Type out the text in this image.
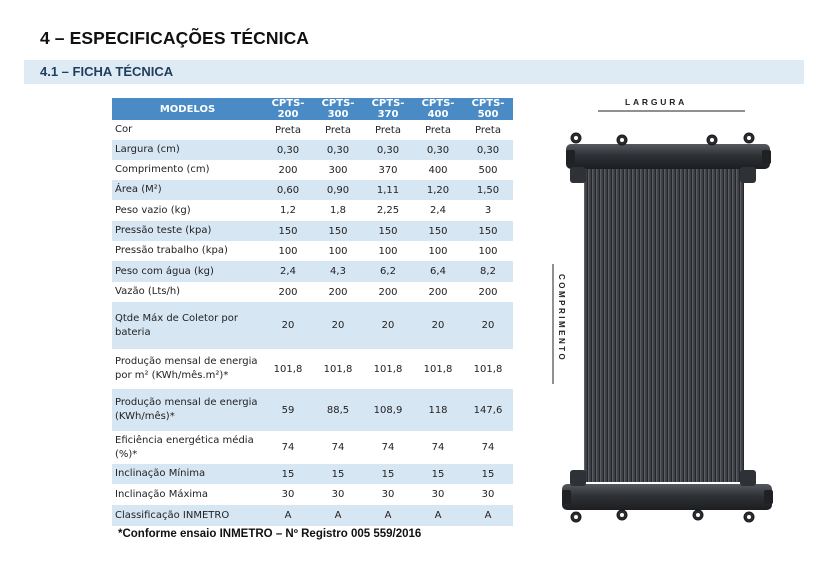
4 – ESPECIFICAÇÕES TÉCNICA
4.1 – FICHA TÉCNICA
MODELOS	CPTS-200	CPTS-300	CPTS-370	CPTS-400	CPTS-500

Cor	Preta	Preta	Preta	Preta	Preta

Largura (cm)	0,30	0,30	0,30	0,30	0,30

Comprimento (cm)	200	300	370	400	500

Área (M²)	0,60	0,90	1,11	1,20	1,50

Peso vazio (kg)	1,2	1,8	2,25	2,4	3

Pressão teste (kpa)	150	150	150	150	150

Pressão trabalho (kpa)	100	100	100	100	100

Peso com água (kg)	2,4	4,3	6,2	6,4	8,2

Vazão (Lts/h)	200	200	200	200	200

Qtde Máx de Coletor por
bateria	20	20	20	20	20

Produção mensal de energia
por m² (KWh/mês.m²)*	101,8	101,8	101,8	101,8	101,8

Produção mensal de energia
(KWh/mês)*	59	88,5	108,9	118	147,6

Eficiência energética média
(%)*	74	74	74	74	74

Inclinação Mínima	15	15	15	15	15

Inclinação Máxima	30	30	30	30	30

Classificação INMETRO	A	A	A	A	A
*Conforme ensaio INMETRO – Nº Registro 005 559/2016
LARGURA
COMPRIMENTO
